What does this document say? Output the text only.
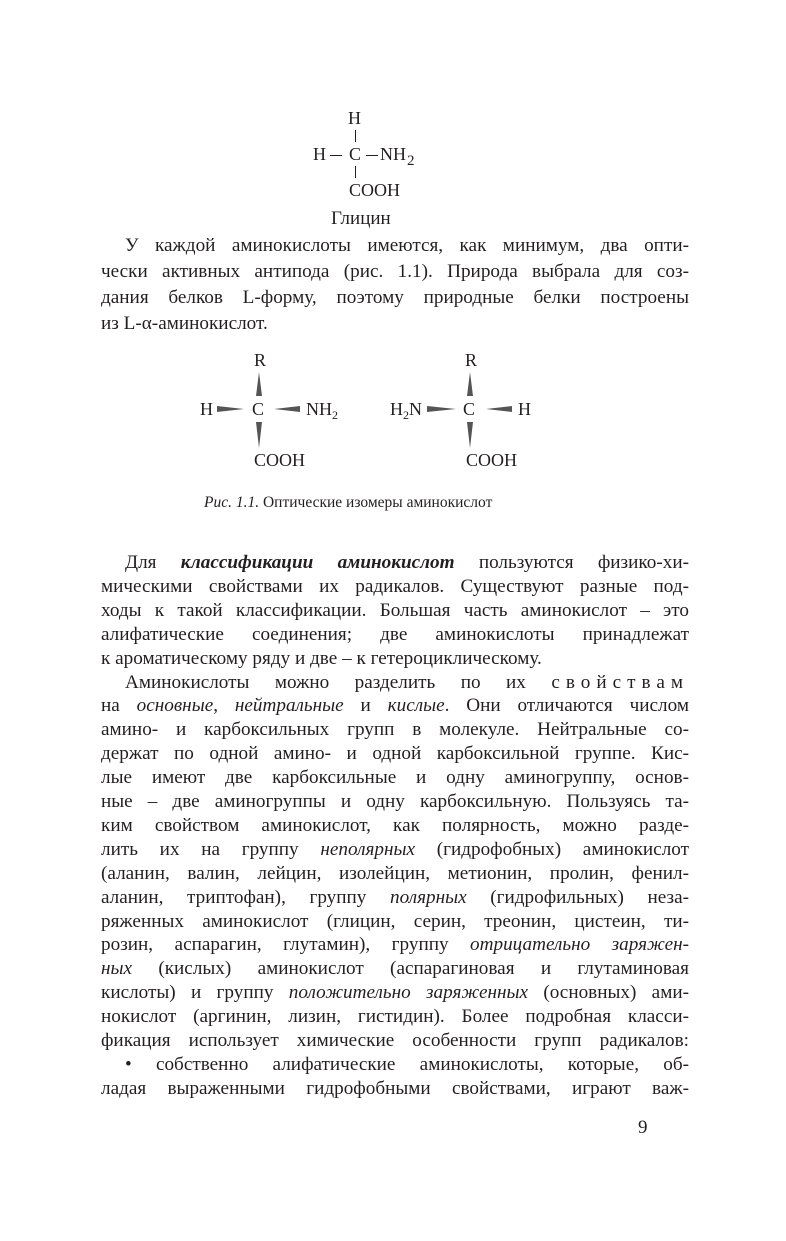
H
H C $NH_2$
COOH
Глицин
R
H C $NH_2$
COOH
R
$H_2N$ C H
COOH
Рис. 1.1. Оптические изомеры аминокислот
У каждой аминокислоты имеются, как минимум, два опти-
чески активных антипода (рис. 1.1). Природа выбрала для соз-
дания белков L-форму, поэтому природные белки построены
из L-α-аминокислот.
Для классификации аминокислот пользуются физико-хи-
мическими свойствами их радикалов. Существуют разные под-
ходы к такой классификации. Большая часть аминокислот – это
алифатические соединения; две аминокислоты принадлежат
к ароматическому ряду и две – к гетероциклическому.
Аминокислоты можно разделить по их свойствам
на основные, нейтральные и кислые. Они отличаются числом
амино- и карбоксильных групп в молекуле. Нейтральные со-
держат по одной амино- и одной карбоксильной группе. Кис-
лые имеют две карбоксильные и одну аминогруппу, основ-
ные – две аминогруппы и одну карбоксильную. Пользуясь та-
ким свойством аминокислот, как полярность, можно разде-
лить их на группу неполярных (гидрофобных) аминокислот
(аланин, валин, лейцин, изолейцин, метионин, пролин, фенил-
аланин, триптофан), группу полярных (гидрофильных) неза-
ряженных аминокислот (глицин, серин, треонин, цистеин, ти-
розин, аспарагин, глутамин), группу отрицательно заряжен-
ных (кислых) аминокислот (аспарагиновая и глутаминовая
кислоты) и группу положительно заряженных (основных) ами-
нокислот (аргинин, лизин, гистидин). Более подробная класси-
фикация использует химические особенности групп радикалов:
• собственно алифатические аминокислоты, которые, об-
ладая выраженными гидрофобными свойствами, играют важ-
9
